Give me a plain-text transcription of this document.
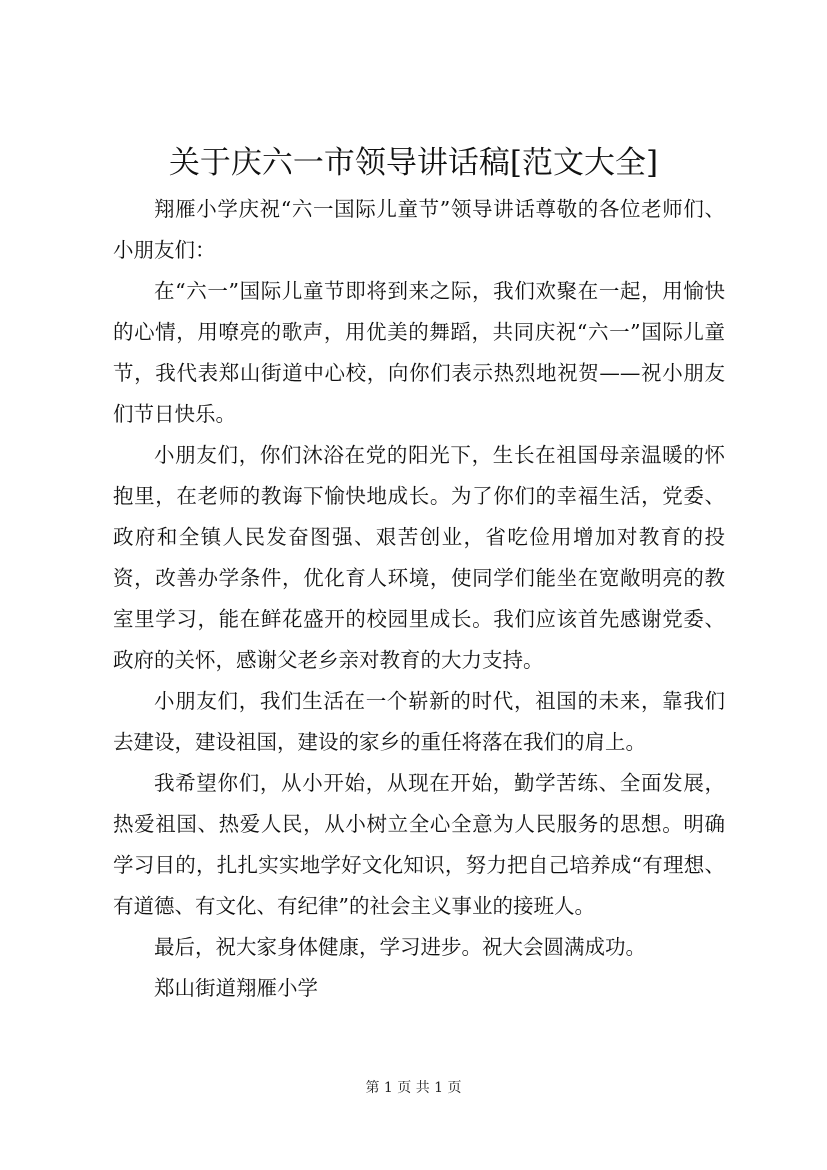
关于庆六一市领导讲话稿[范文大全]

翔雁小学庆祝“六一国际儿童节”领导讲话尊敬的各位老师们、小朋友们：

在“六一”国际儿童节即将到来之际，我们欢聚在一起，用愉快的心情，用嘹亮的歌声，用优美的舞蹈，共同庆祝“六一”国际儿童节，我代表郑山街道中心校，向你们表示热烈地祝贺——祝小朋友们节日快乐。

小朋友们，你们沐浴在党的阳光下，生长在祖国母亲温暖的怀抱里，在老师的教诲下愉快地成长。为了你们的幸福生活，党委、政府和全镇人民发奋图强、艰苦创业，省吃俭用增加对教育的投资，改善办学条件，优化育人环境，使同学们能坐在宽敞明亮的教室里学习，能在鲜花盛开的校园里成长。我们应该首先感谢党委、政府的关怀，感谢父老乡亲对教育的大力支持。

小朋友们，我们生活在一个崭新的时代，祖国的未来，靠我们去建设，建设祖国，建设的家乡的重任将落在我们的肩上。

我希望你们，从小开始，从现在开始，勤学苦练、全面发展，热爱祖国、热爱人民，从小树立全心全意为人民服务的思想。明确学习目的，扎扎实实地学好文化知识，努力把自己培养成“有理想、有道德、有文化、有纪律”的社会主义事业的接班人。

最后，祝大家身体健康，学习进步。祝大会圆满成功。

郑山街道翔雁小学

第 1 页 共 1 页
